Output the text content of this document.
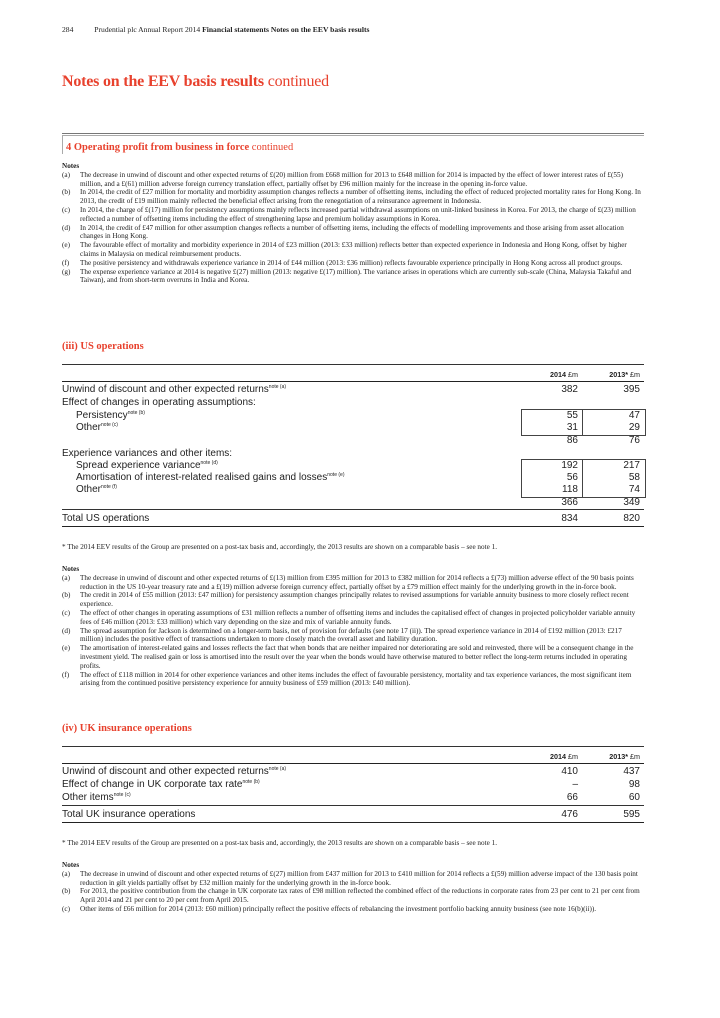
284	Prudential plc Annual Report 2014 Financial statements Notes on the EEV basis results
Notes on the EEV basis results continued
4 Operating profit from business in force continued
Notes
(a) The decrease in unwind of discount and other expected returns of £(20) million from £668 million for 2013 to £648 million for 2014 is impacted by the effect of lower interest rates of £(55) million, and a £(61) million adverse foreign currency translation effect, partially offset by £96 million mainly for the increase in the opening in-force value.
(b) In 2014, the credit of £27 million for mortality and morbidity assumption changes reflects a number of offsetting items, including the effect of reduced projected mortality rates for Hong Kong. In 2013, the credit of £19 million mainly reflected the beneficial effect arising from the renegotiation of a reinsurance agreement in Indonesia.
(c) In 2014, the charge of £(17) million for persistency assumptions mainly reflects increased partial withdrawal assumptions on unit-linked business in Korea. For 2013, the charge of £(23) million reflected a number of offsetting items including the effect of strengthening lapse and premium holiday assumptions in Korea.
(d) In 2014, the credit of £47 million for other assumption changes reflects a number of offsetting items, including the effects of modelling improvements and those arising from asset allocation changes in Hong Kong.
(e) The favourable effect of mortality and morbidity experience in 2014 of £23 million (2013: £33 million) reflects better than expected experience in Indonesia and Hong Kong, offset by higher claims in Malaysia on medical reimbursement products.
(f) The positive persistency and withdrawals experience variance in 2014 of £44 million (2013: £36 million) reflects favourable experience principally in Hong Kong across all product groups.
(g) The expense experience variance at 2014 is negative £(27) million (2013: negative £(17) million). The variance arises in operations which are currently sub-scale (China, Malaysia Takaful and Taiwan), and from short-term overruns in India and Korea.
(iii) US operations
2014 £m	2013* £m
Unwind of discount and other expected returns$^{note (a)}$	382	395
Effect of changes in operating assumptions:
Persistency$^{note (b)}$	55	47
Other$^{note (c)}$	31	29
86	76
Experience variances and other items:
Spread experience variance$^{note (d)}$	192	217
Amortisation of interest-related realised gains and losses$^{note (e)}$	56	58
Other$^{note (f)}$	118	74
366	349
Total US operations	834	820
* The 2014 EEV results of the Group are presented on a post-tax basis and, accordingly, the 2013 results are shown on a comparable basis – see note 1.
Notes
(a) The decrease in unwind of discount and other expected returns of £(13) million from £395 million for 2013 to £382 million for 2014 reflects a £(73) million adverse effect of the 90 basis points reduction in the US 10-year treasury rate and a £(19) million adverse foreign currency effect, partially offset by a £79 million effect mainly for the underlying growth in the in-force book.
(b) The credit in 2014 of £55 million (2013: £47 million) for persistency assumption changes principally relates to revised assumptions for variable annuity business to more closely reflect recent experience.
(c) The effect of other changes in operating assumptions of £31 million reflects a number of offsetting items and includes the capitalised effect of changes in projected policyholder variable annuity fees of £46 million (2013: £33 million) which vary depending on the size and mix of variable annuity funds.
(d) The spread assumption for Jackson is determined on a longer-term basis, net of provision for defaults (see note 17 (ii)). The spread experience variance in 2014 of £192 million (2013: £217 million) includes the positive effect of transactions undertaken to more closely match the overall asset and liability duration.
(e) The amortisation of interest-related gains and losses reflects the fact that when bonds that are neither impaired nor deteriorating are sold and reinvested, there will be a consequent change in the investment yield. The realised gain or loss is amortised into the result over the year when the bonds would have otherwise matured to better reflect the long-term returns included in operating profits.
(f) The effect of £118 million in 2014 for other experience variances and other items includes the effect of favourable persistency, mortality and tax experience variances, the most significant item arising from the continued positive persistency experience for annuity business of £59 million (2013: £40 million).
(iv) UK insurance operations
2014 £m	2013* £m
Unwind of discount and other expected returns$^{note (a)}$	410	437
Effect of change in UK corporate tax rate$^{note (b)}$	–	98
Other items$^{note (c)}$	66	60
Total UK insurance operations	476	595
* The 2014 EEV results of the Group are presented on a post-tax basis and, accordingly, the 2013 results are shown on a comparable basis – see note 1.
Notes
(a) The decrease in unwind of discount and other expected returns of £(27) million from £437 million for 2013 to £410 million for 2014 reflects a £(59) million adverse impact of the 130 basis point reduction in gilt yields partially offset by £32 million mainly for the underlying growth in the in-force book.
(b) For 2013, the positive contribution from the change in UK corporate tax rates of £98 million reflected the combined effect of the reductions in corporate rates from 23 per cent to 21 per cent from April 2014 and 21 per cent to 20 per cent from April 2015.
(c) Other items of £66 million for 2014 (2013: £60 million) principally reflect the positive effects of rebalancing the investment portfolio backing annuity business (see note 16(b)(ii)).
